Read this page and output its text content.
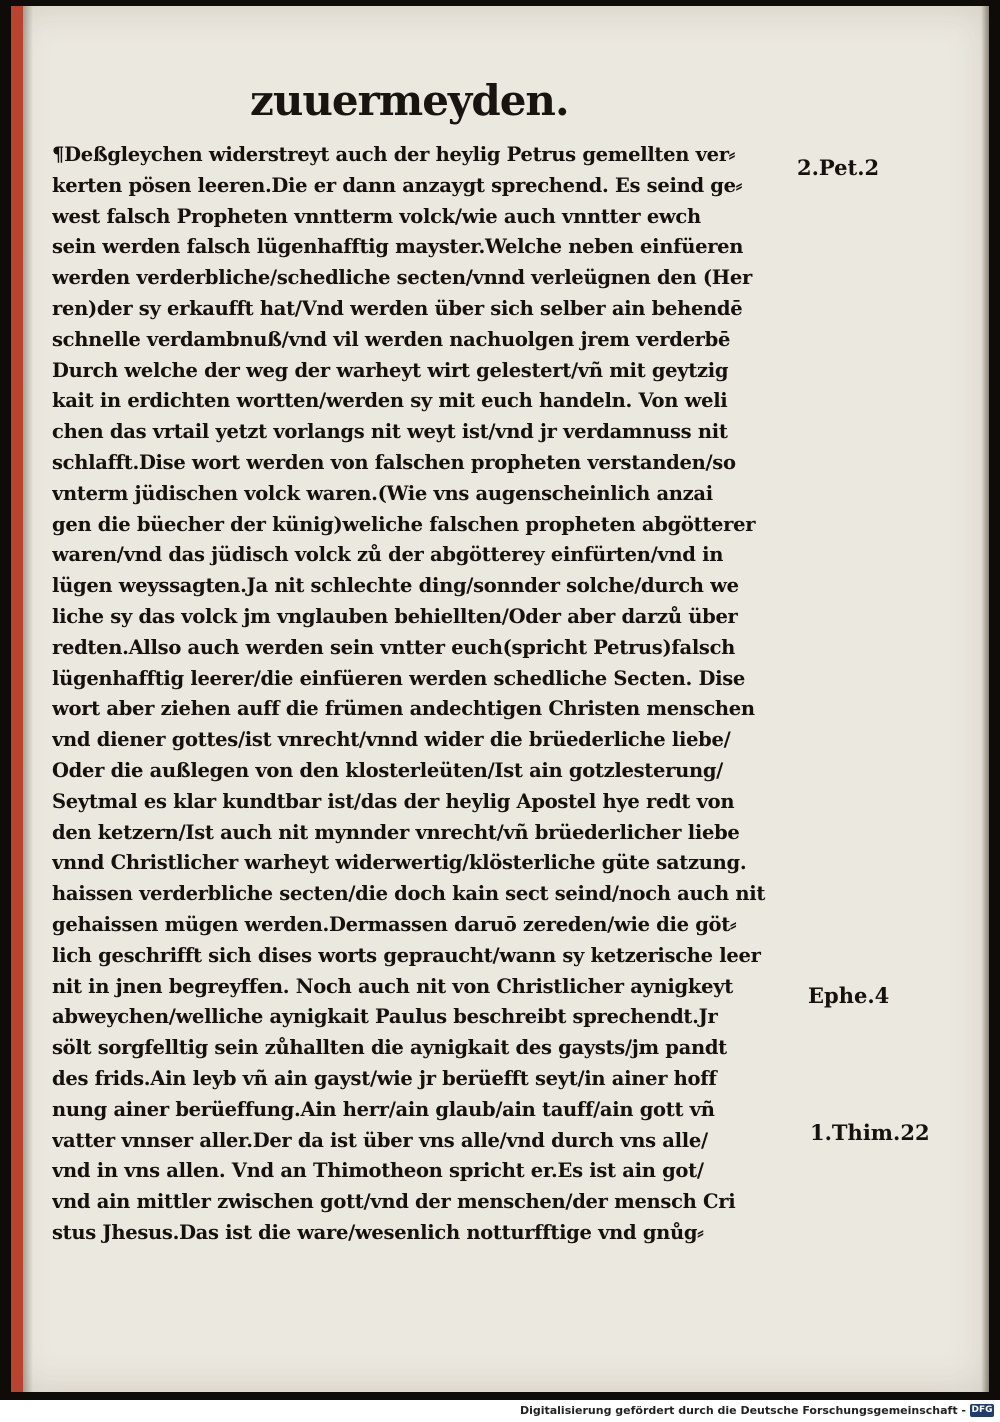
zuuermeyden.
¶Deßgleychen widerstreyt auch der heylig Petrus gemellten ver⸗
kerten pösen leeren.Die er dann anzaygt sprechend. Es seind ge⸗
west falsch Propheten vnntterm volck/wie auch vnntter ewch
sein werden falsch lügenhafftig mayster.Welche neben einfüeren
werden verderbliche/schedliche secten/vnnd verleügnen den (Her
ren)der sy erkaufft hat/Vnd werden über sich selber ain behendē
schnelle verdambnuß/vnd vil werden nachuolgen jrem verderbē
Durch welche der weg der warheyt wirt gelestert/vñ mit geytzig
kait in erdichten wortten/werden sy mit euch handeln. Von weli
chen das vrtail yetzt vorlangs nit weyt ist/vnd jr verdamnuss nit
schlafft.Dise wort werden von falschen propheten verstanden/so
vnterm jüdischen volck waren.(Wie vns augenscheinlich anzai
gen die büecher der künig)weliche falschen propheten abgötterer
waren/vnd das jüdisch volck zů der abgötterey einfürten/vnd in
lügen weyssagten.Ja nit schlechte ding/sonnder solche/durch we
liche sy das volck jm vnglauben behiellten/Oder aber darzů über
redten.Allso auch werden sein vntter euch(spricht Petrus)falsch
lügenhafftig leerer/die einfüeren werden schedliche Secten. Dise
wort aber ziehen auff die frümen andechtigen Christen menschen
vnd diener gottes/ist vnrecht/vnnd wider die brüederliche liebe/
Oder die außlegen von den klosterleüten/Ist ain gotzlesterung/
Seytmal es klar kundtbar ist/das der heylig Apostel hye redt von
den ketzern/Ist auch nit mynnder vnrecht/vñ brüederlicher liebe
vnnd Christlicher warheyt widerwertig/klösterliche güte satzung.
haissen verderbliche secten/die doch kain sect seind/noch auch nit
gehaissen mügen werden.Dermassen daruō zereden/wie die göt⸗
lich geschrifft sich dises worts gepraucht/wann sy ketzerische leer
nit in jnen begreyffen. Noch auch nit von Christlicher aynigkeyt
abweychen/welliche aynigkait Paulus beschreibt sprechendt.Jr
sölt sorgfelltig sein zůhallten die aynigkait des gaysts/jm pandt
des frids.Ain leyb vñ ain gayst/wie jr berüefft seyt/in ainer hoff
nung ainer berüeffung.Ain herr/ain glaub/ain tauff/ain gott vñ
vatter vnnser aller.Der da ist über vns alle/vnd durch vns alle/
vnd in vns allen. Vnd an Thimotheon spricht er.Es ist ain got/
vnd ain mittler zwischen gott/vnd der menschen/der mensch Cri
stus Jhesus.Das ist die ware/wesenlich notturfftige vnd gnůg⸗
2.Pet.2
Ephe.4
1.Thim.22
Digitalisierung gefördert durch die Deutsche Forschungsgemeinschaft - DFG
